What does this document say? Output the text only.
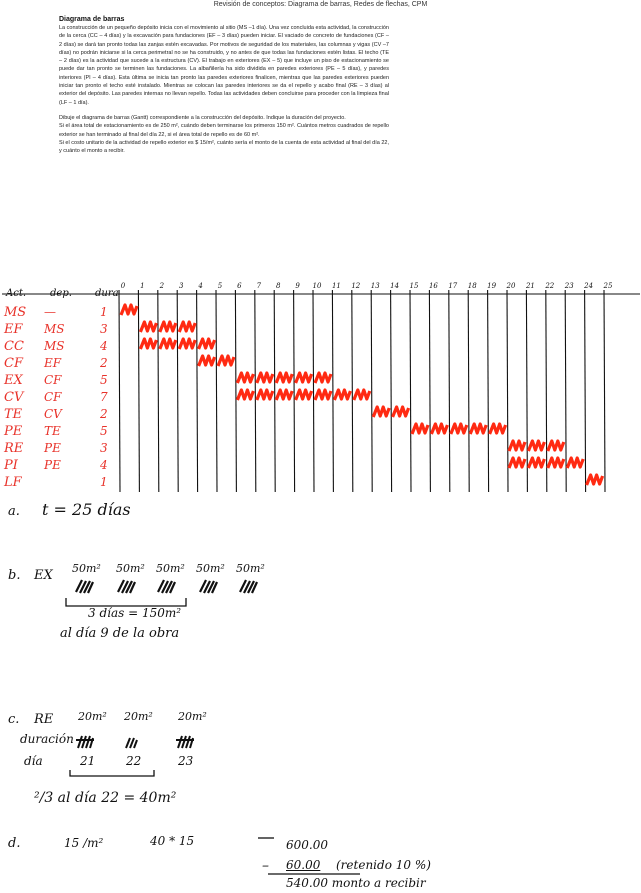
Revisión de conceptos: Diagrama de barras, Redes de flechas, CPM
Diagrama de barras

La construcción de un pequeño depósito inicia con el movimiento al sitio (MS –1 día). Una vez concluida esta actividad, la construcción de la cerca (CC – 4 días) y la excavación para fundaciones (EF – 3 días) pueden iniciar. El vaciado de concreto de fundaciones (CF – 2 días) se dará tan pronto todas las zanjas estén excavadas. Por motivos de seguridad de los materiales, las columnas y vigas (CV –7 días) no podrán iniciarse si la cerca perimetral no se ha construido, y no antes de que todas las fundaciones estén listas. El techo (TE – 2 días) es la actividad que sucede a la estructura (CV). El trabajo en exteriores (EX – 5) que incluye un piso de estacionamiento se puede dar tan pronto se terminen las fundaciones. La albañilería ha sido dividida en paredes exteriores (PE – 5 días), y paredes interiores (PI – 4 días). Esta última se inicia tan pronto las paredes exteriores finalicen, mientras que las paredes exteriores pueden iniciar tan pronto el techo esté instalado. Mientras se colocan las paredes interiores se da el repello y acabo final (RE – 3 días) al exterior del depósito. Las paredes internas no llevan repello. Todas las actividades deben concluirse para proceder con la limpieza final (LF – 1 día).

Dibuje el diagrama de barras (Gantt) correspondiente a la construcción del depósito. Indique la duración del proyecto.

Si el área total de estacionamiento es de 250 m², cuándo deben terminarse los primeros 150 m². Cuántos metros cuadrados de repello exterior se han terminado al final del día 22, si el área total de repello es de 60 m².

Si el costo unitario de la actividad de repello exterior es $ 15/m², cuánto sería el monto de la cuenta de esta actividad al final del día 22, y cuánto el monto a recibir.

Act. dep. dura
0 1 2 3 4 5 6 7 8 9 10 11 12 13 14 15 16 17 18 19 20 21 22 23 24 25
MS —	1
EF MS	3
CC MS	4
CF EF	2
EX CF	5
CV CF	7
TE CV	2
PE TE	5
RE PE	3
PI PE	4
LF	1
a. t = 25 días
b. EX 50m² 50m² 50m² 50m² 50m²
3 días = 150m²
al día 9 de la obra
c. RE 20m² 20m² 20m²
duración
día	21	22	23
²/3 al día 22 = 40m²
d.	15 /m²	40 * 15	600.00
– 60.00 (retenido 10 %)
540.00 monto a recibir
